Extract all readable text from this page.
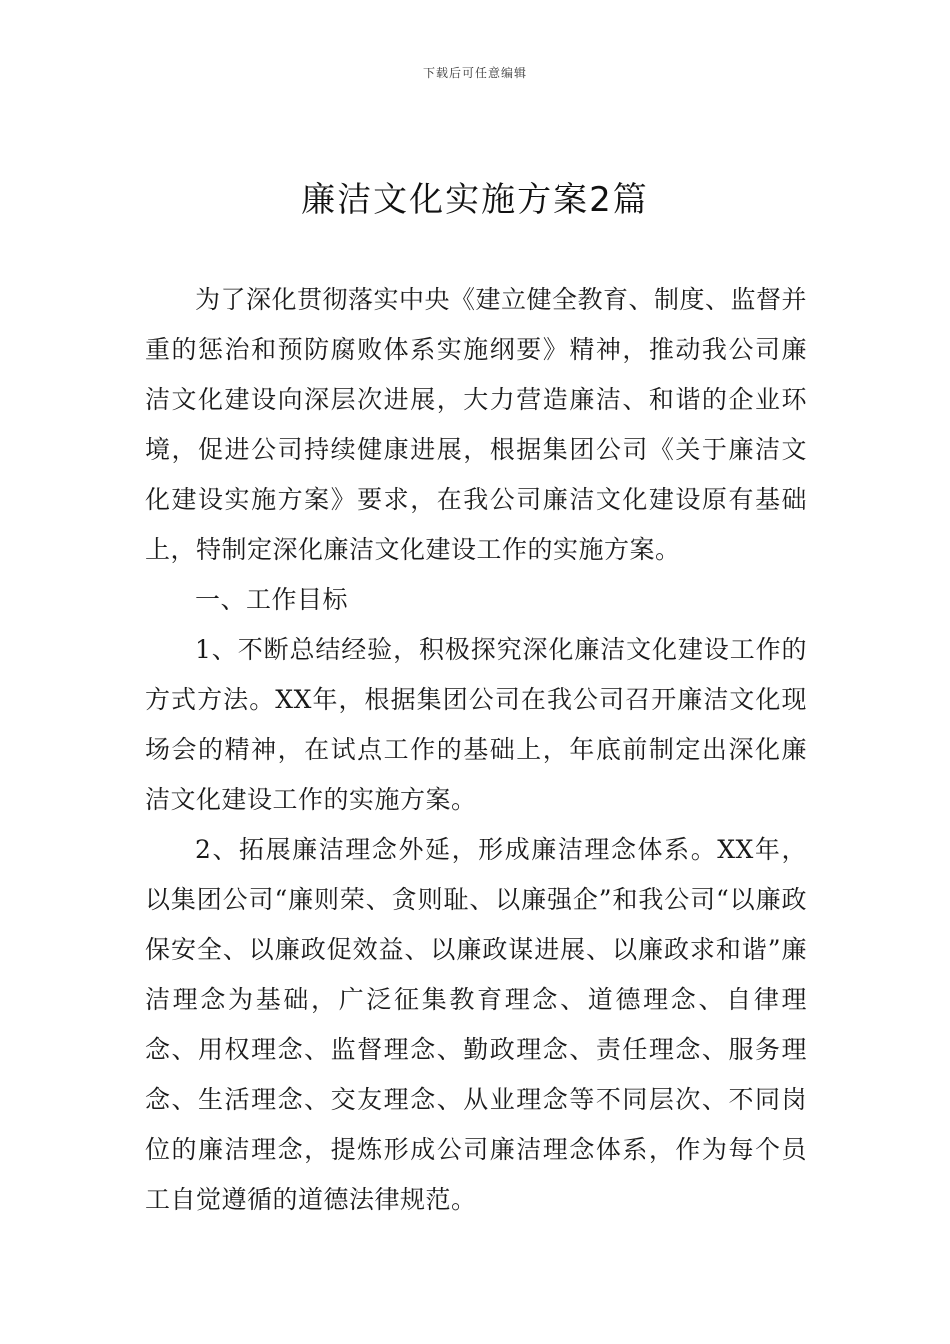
下载后可任意编辑
廉洁文化实施方案2篇

为了深化贯彻落实中央《建立健全教育、制度、监督并重的惩治和预防腐败体系实施纲要》精神，推动我公司廉洁文化建设向深层次进展，大力营造廉洁、和谐的企业环境，促进公司持续健康进展，根据集团公司《关于廉洁文化建设实施方案》要求，在我公司廉洁文化建设原有基础上，特制定深化廉洁文化建设工作的实施方案。

一、工作目标

1、不断总结经验，积极探究深化廉洁文化建设工作的方式方法。XX年，根据集团公司在我公司召开廉洁文化现场会的精神，在试点工作的基础上，年底前制定出深化廉洁文化建设工作的实施方案。

2、拓展廉洁理念外延，形成廉洁理念体系。XX年，以集团公司“廉则荣、贪则耻、以廉强企”和我公司“以廉政保安全、以廉政促效益、以廉政谋进展、以廉政求和谐”廉洁理念为基础，广泛征集教育理念、道德理念、自律理念、用权理念、监督理念、勤政理念、责任理念、服务理念、生活理念、交友理念、从业理念等不同层次、不同岗位的廉洁理念，提炼形成公司廉洁理念体系，作为每个员工自觉遵循的道德法律规范。
